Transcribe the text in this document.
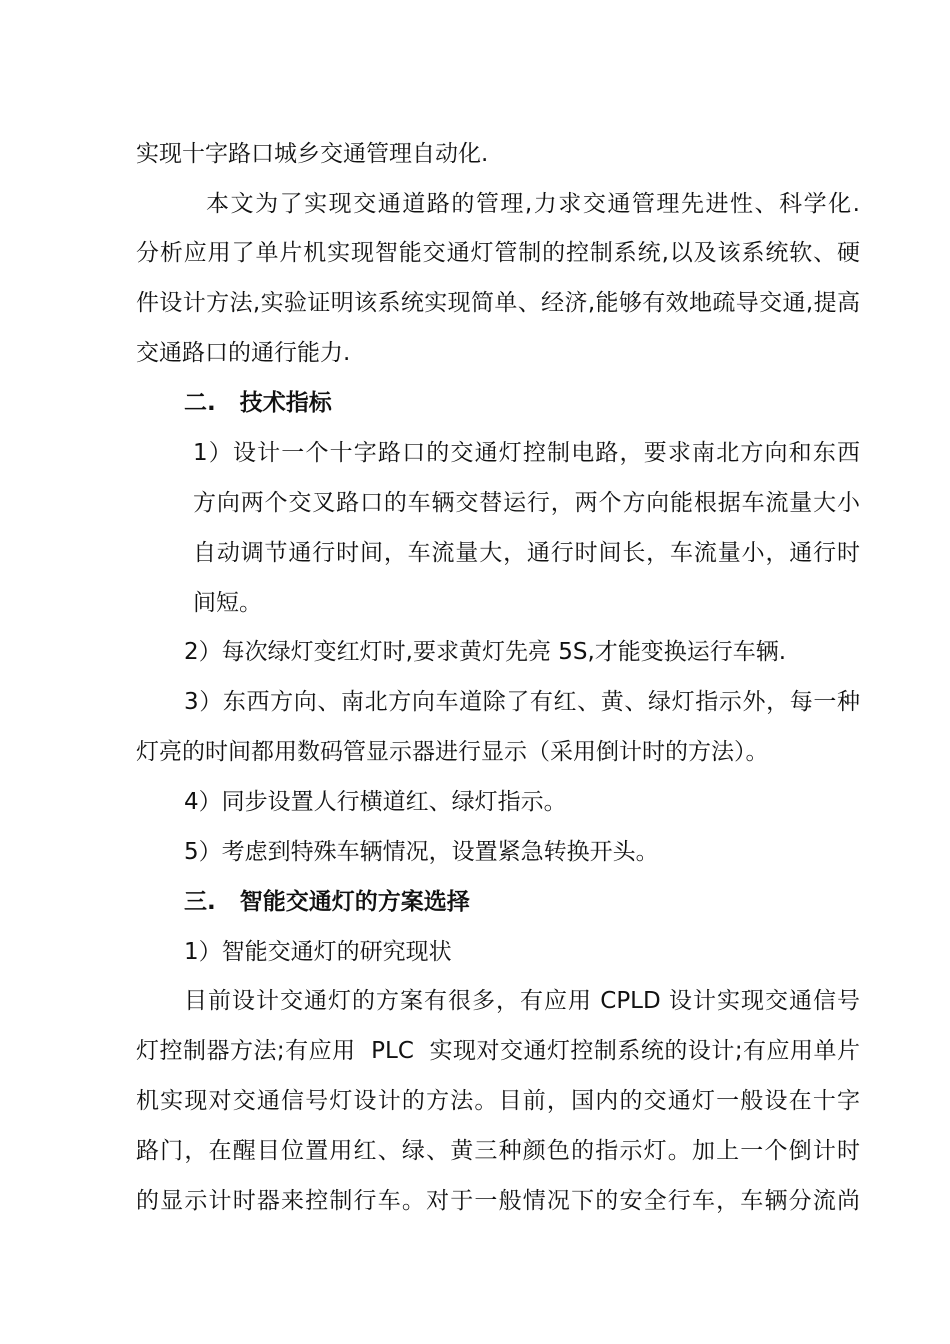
实现十字路口城乡交通管理自动化.
本文为了实现交通道路的管理,力求交通管理先进性、科学化.
分析应用了单片机实现智能交通灯管制的控制系统,以及该系统软、硬
件设计方法,实验证明该系统实现简单、经济,能够有效地疏导交通,提高
交通路口的通行能力.
二.   技术指标
1）设计一个十字路口的交通灯控制电路，要求南北方向和东西
方向两个交叉路口的车辆交替运行，两个方向能根据车流量大小
自动调节通行时间，车流量大，通行时间长，车流量小，通行时
间短。
2）每次绿灯变红灯时,要求黄灯先亮 5S,才能变换运行车辆.
3）东西方向、南北方向车道除了有红、黄、绿灯指示外，每一种
灯亮的时间都用数码管显示器进行显示（采用倒计时的方法）。
4）同步设置人行横道红、绿灯指示。
5）考虑到特殊车辆情况，设置紧急转换开头。
三.   智能交通灯的方案选择
1）智能交通灯的研究现状
目前设计交通灯的方案有很多，有应用 CPLD 设计实现交通信号
灯控制器方法;有应用  PLC  实现对交通灯控制系统的设计;有应用单片
机实现对交通信号灯设计的方法。目前，国内的交通灯一般设在十字
路门，在醒目位置用红、绿、黄三种颜色的指示灯。加上一个倒计时
的显示计时器来控制行车。对于一般情况下的安全行车，车辆分流尚
